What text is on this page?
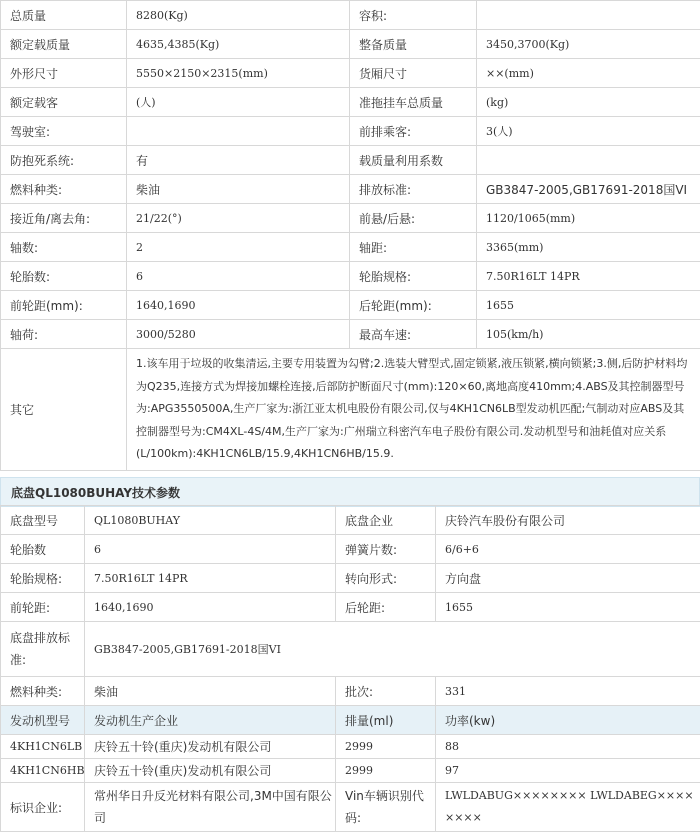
总质量	8280(Kg)	容积:	
额定载质量	4635,4385(Kg)	整备质量	3450,3700(Kg)
外形尺寸	5550×2150×2315(mm)	货厢尺寸	××(mm)
额定载客	(人)	准拖挂车总质量	(kg)
驾驶室:		前排乘客:	3(人)
防抱死系统:	有	载质量利用系数	
燃料种类:	柴油	排放标准:	GB3847-2005,GB17691-2018国VI
接近角/离去角:	21/22(°)	前悬/后悬:	1120/1065(mm)
轴数:	2	轴距:	3365(mm)
轮胎数:	6	轮胎规格:	7.50R16LT 14PR
前轮距(mm):	1640,1690	后轮距(mm):	1655
轴荷:	3000/5280	最高车速:	105(km/h)
其它	1.该车用于垃圾的收集清运,主要专用装置为勾臂;2.选装大臂型式,固定锁紧,液压锁紧,横向锁紧;3.侧,后防护材料均为Q235,连接方式为焊接加螺栓连接,后部防护断面尺寸(mm):120×60,离地高度410mm;4.ABS及其控制器型号为:APG3550500A,生产厂家为:浙江亚太机电股份有限公司,仅与4KH1CN6LB型发动机匹配;气制动对应ABS及其控制器型号为:CM4XL-4S/4M,生产厂家为:广州瑞立科密汽车电子股份有限公司.发动机型号和油耗值对应关系(L/100km):4KH1CN6LB/15.9,4KH1CN6HB/15.9.		
底盘QL1080BUHAY技术参数
底盘型号	QL1080BUHAY	底盘企业	庆铃汽车股份有限公司
轮胎数	6	弹簧片数:	6/6+6
轮胎规格:	7.50R16LT 14PR	转向形式:	方向盘
前轮距:	1640,1690	后轮距:	1655
底盘排放标准:	GB3847-2005,GB17691-2018国VI		
燃料种类:	柴油	批次:	331
发动机型号	发动机生产企业	排量(ml)	功率(kw)
4KH1CN6LB	庆铃五十铃(重庆)发动机有限公司	2999	88
4KH1CN6HB	庆铃五十铃(重庆)发动机有限公司	2999	97
标识企业:	常州华日升反光材料有限公司,3M中国有限公司	Vin车辆识别代码:	LWLDABUG×××××××× LWLDABEG××××××××
